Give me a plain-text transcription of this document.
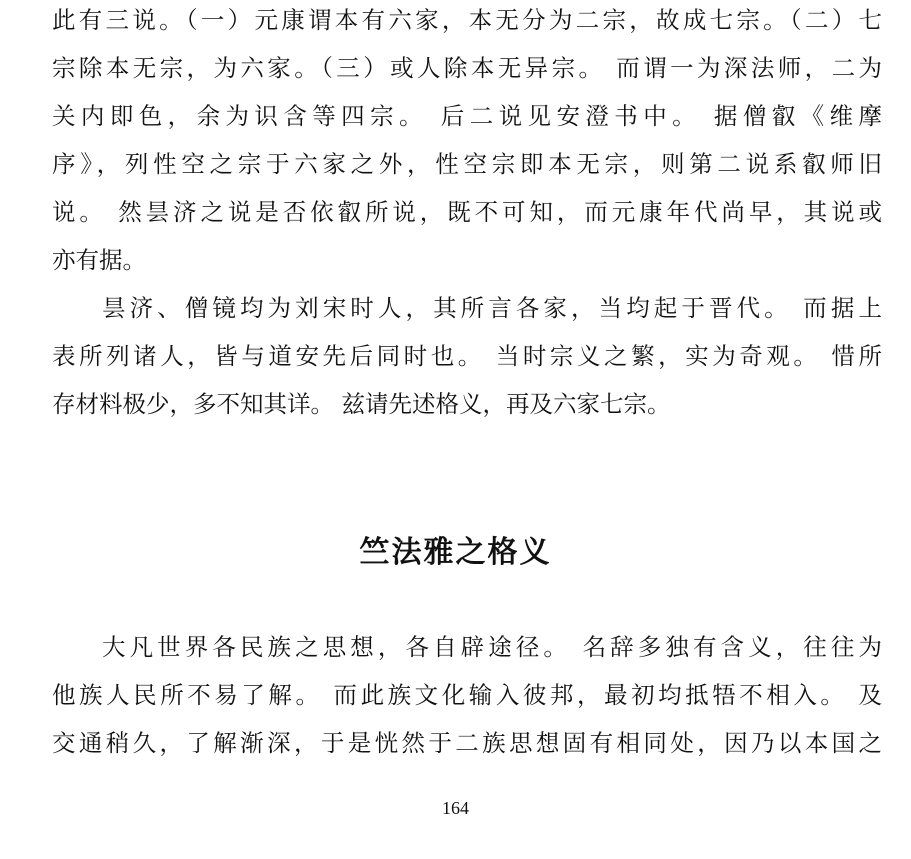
此有三说。（一）元康谓本有六家，本无分为二宗，故成七宗。（二）七
宗除本无宗，为六家。（三）或人除本无异宗。 而谓一为深法师，二为
关内即色，余为识含等四宗。 后二说见安澄书中。 据僧叡《维摩
序》，列性空之宗于六家之外，性空宗即本无宗，则第二说系叡师旧
说。 然昙济之说是否依叡所说，既不可知，而元康年代尚早，其说或
亦有据。
昙济、僧镜均为刘宋时人，其所言各家，当均起于晋代。 而据上
表所列诸人，皆与道安先后同时也。 当时宗义之繁，实为奇观。 惜所
存材料极少，多不知其详。 兹请先述格义，再及六家七宗。
竺法雅之格义
大凡世界各民族之思想，各自辟途径。 名辞多独有含义，往往为
他族人民所不易了解。 而此族文化输入彼邦，最初均抵牾不相入。 及
交通稍久，了解渐深，于是恍然于二族思想固有相同处，因乃以本国之
164
